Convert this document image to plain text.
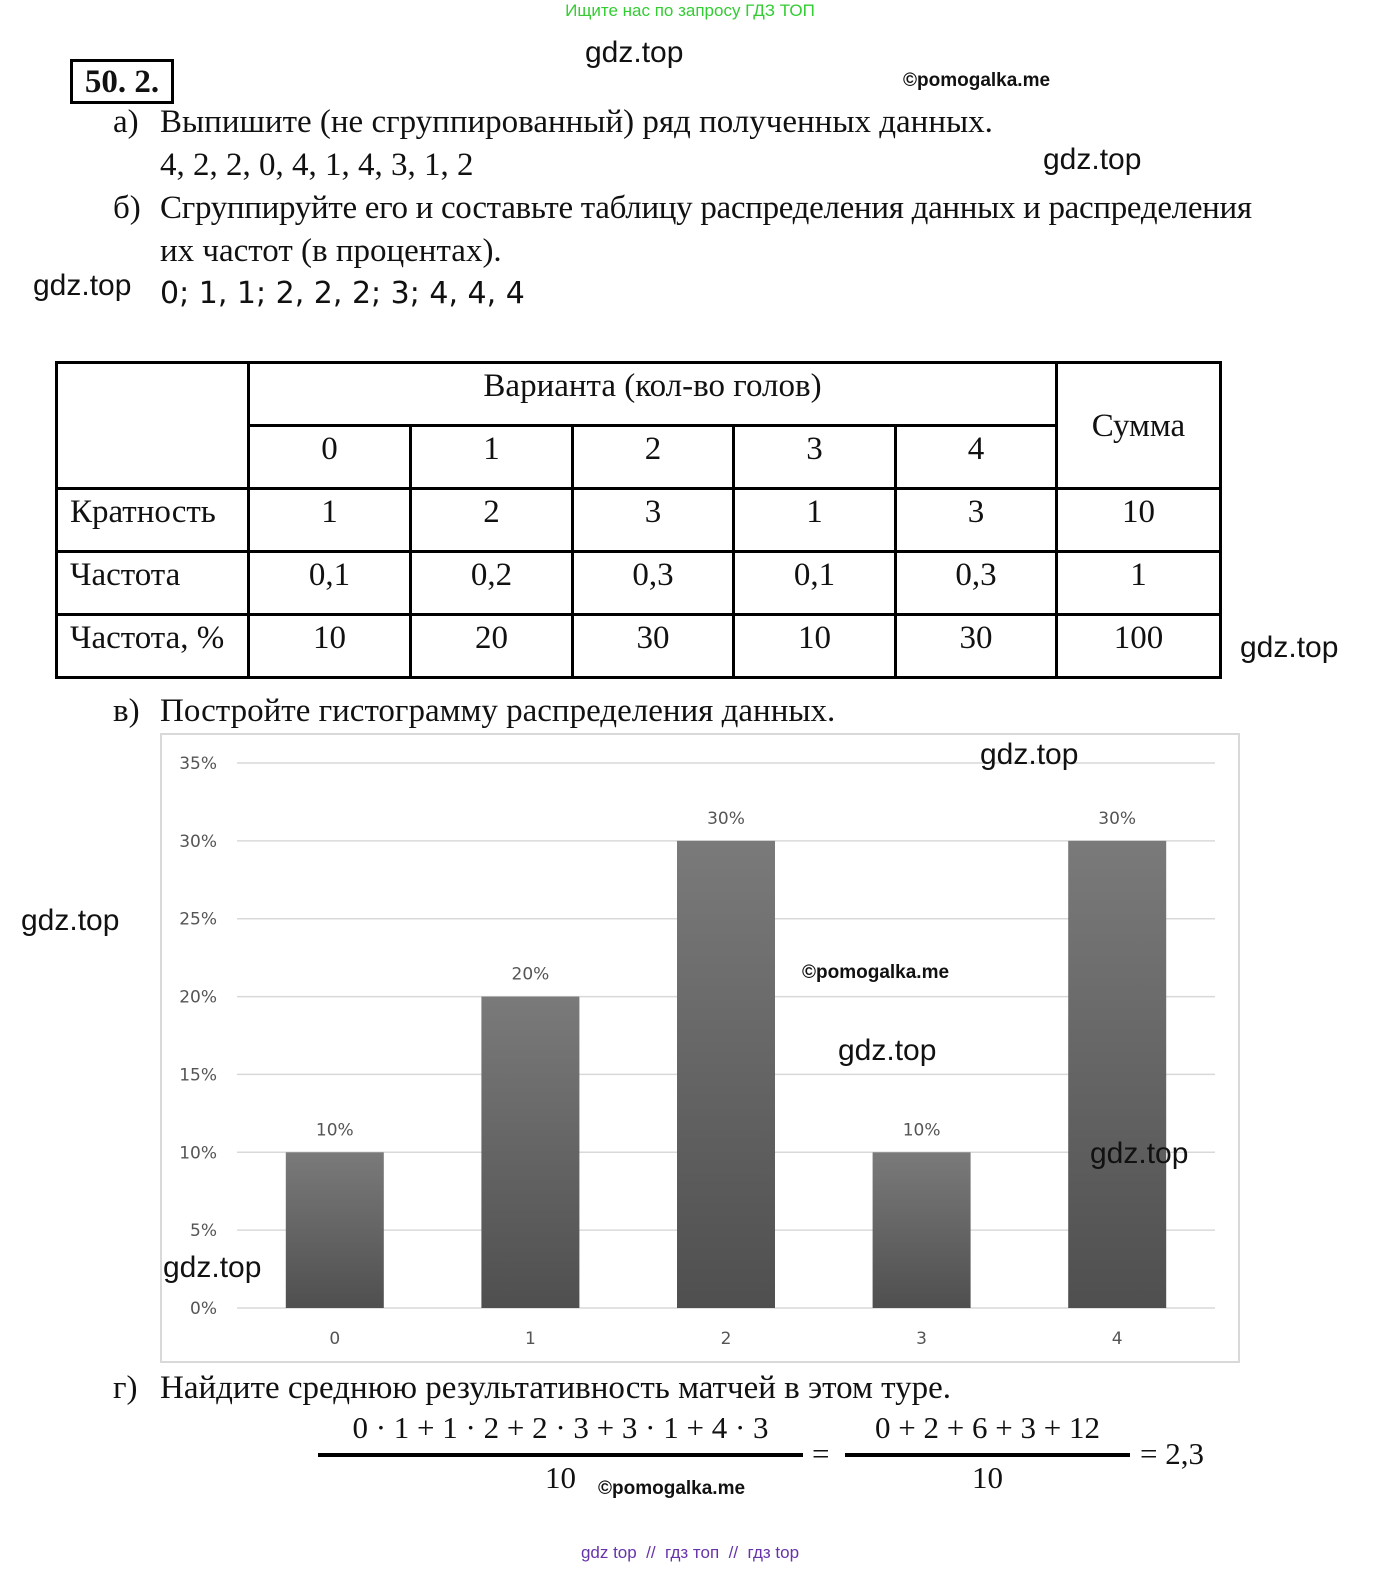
Ищите нас по запросу ГДЗ ТОП
gdz.top
©pomogalka.me
gdz.top
gdz.top
50. 2.
а) Выпишите (не сгруппированный) ряд полученных данных.
4, 2, 2, 0, 4, 1, 4, 3, 1, 2
б) Сгруппируйте его и составьте таблицу распределения данных и распределения
их частот (в процентах).
0; 1, 1; 2, 2, 2; 3; 4, 4, 4
	Варианта (кол-во голов)					Сумма
	0	1	2	3	4	
Кратность	1	2	3	1	3	10
Частота	0,1	0,2	0,3	0,1	0,3	1
Частота, %	10	20	30	10	30	100	gdz.top
в) Постройте гистограмму распределения данных.
0%
5%
10%
15%
20%
25%
30%
35%
10%
0
20%
1
30%
2
10%
3
30%
4
gdz.top
gdz.top
©pomogalka.me
gdz.top
gdz.top
gdz.top
г) Найдите среднюю результативность матчей в этом туре.
0 · 1 + 1 · 2 + 2 · 3 + 3 · 1 + 4 · 3
10	©pomogalka.me
=
0 + 2 + 6 + 3 + 12
10
= 2,3
gdz top  //  гдз топ  //  гдз top
